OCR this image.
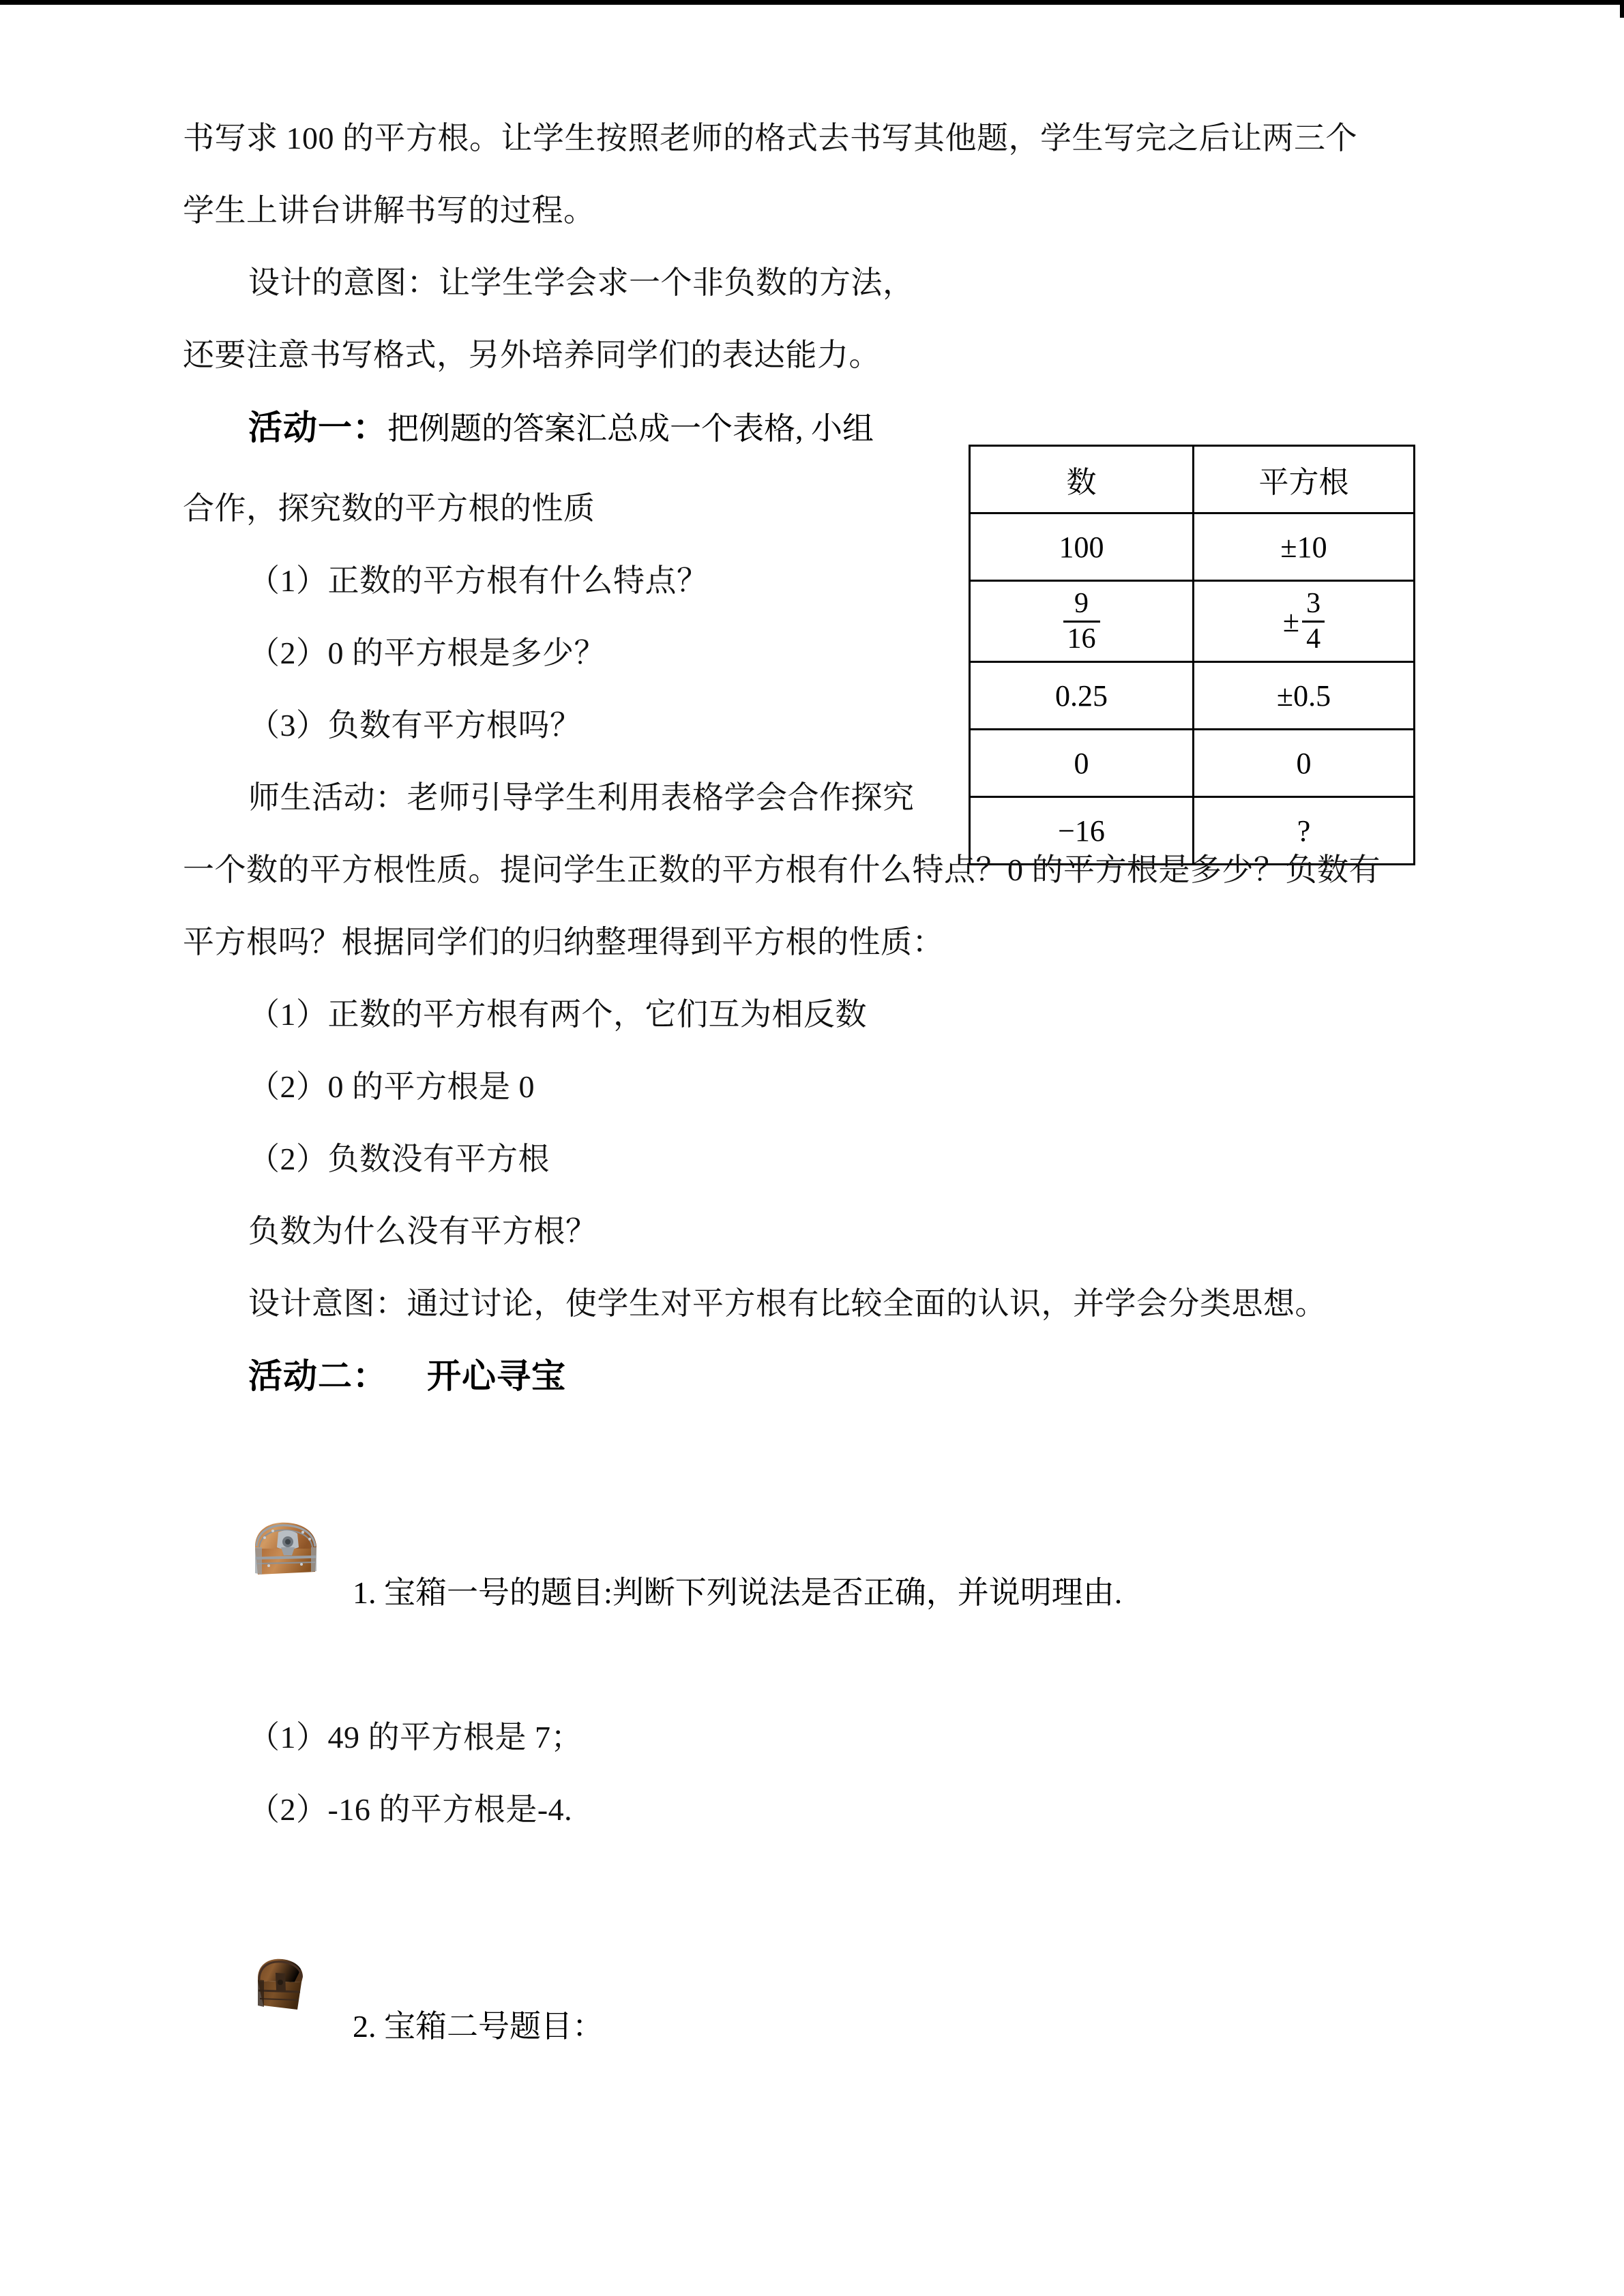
数	平方根
100	±10

$\frac{9}{16}$	± $\frac{3}{4}$

0.25	±0.5
0	0
−16	?
书写求 100 的平方根。让学生按照老师的格式去书写其他题，学生写完之后让两三个
学生上讲台讲解书写的过程。
设计的意图：让学生学会求一个非负数的方法，
还要注意书写格式，另外培养同学们的表达能力。
活动一：把例题的答案汇总成一个表格, 小组
合作，探究数的平方根的性质
（1）正数的平方根有什么特点？
（2）0 的平方根是多少？
（3）负数有平方根吗？
师生活动：老师引导学生利用表格学会合作探究
一个数的平方根性质。提问学生正数的平方根有什么特点？0 的平方根是多少？负数有
平方根吗？根据同学们的归纳整理得到平方根的性质：
（1）正数的平方根有两个，它们互为相反数
（2）0 的平方根是 0
（2）负数没有平方根
负数为什么没有平方根？
设计意图：通过讨论，使学生对平方根有比较全面的认识，并学会分类思想。
活动二： 开心寻宝

1. 宝箱一号的题目:判断下列说法是否正确，并说明理由.

（1）49 的平方根是 7；
（2）-16 的平方根是-4.

2. 宝箱二号题目：
